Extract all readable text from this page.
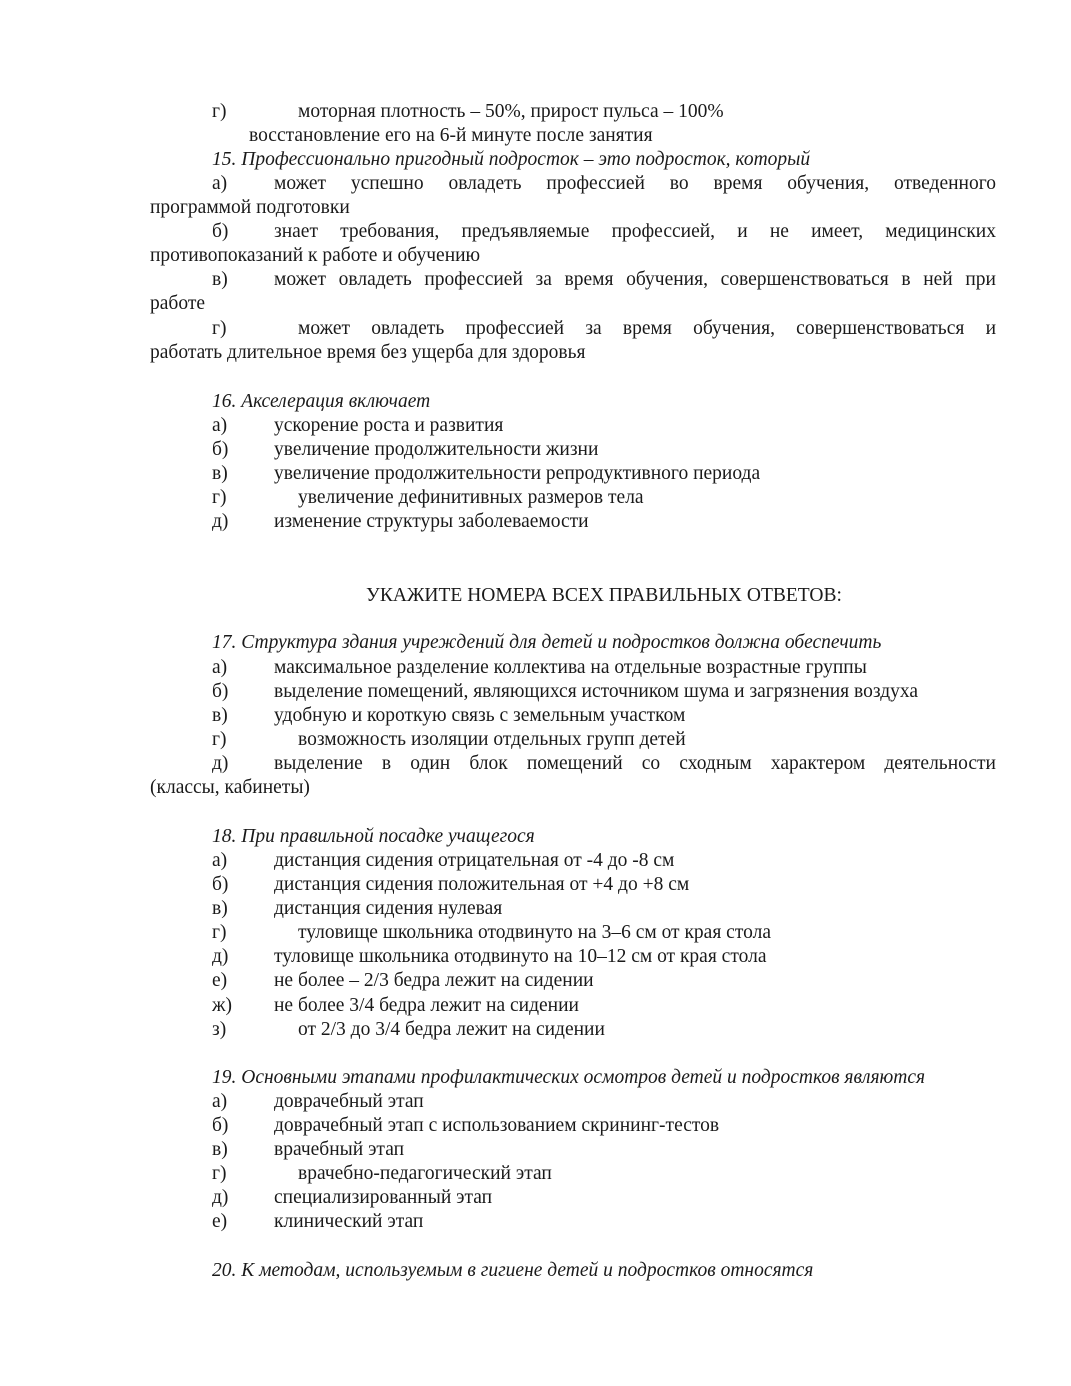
г)	моторная плотность – 50%, прирост пульса – 100%
восстановление его на 6-й минуте после занятия
15. Профессионально пригодный подросток – это подросток, который
а) может успешно овладеть профессией во время обучения, отведенного
программой подготовки
б) знает требования, предъявляемые профессией, и не имеет, медицинских
противопоказаний к работе и обучению
в) может овладеть профессией за время обучения, совершенствоваться в ней при
работе
г)	может овладеть профессией за время обучения, совершенствоваться и
работать длительное время без ущерба для здоровья
16. Акселерация включает
а) ускорение роста и развития
б) увеличение продолжительности жизни
в) увеличение продолжительности репродуктивного периода
г)	увеличение дефинитивных размеров тела
д) изменение структуры заболеваемости
УКАЖИТЕ НОМЕРА ВСЕХ ПРАВИЛЬНЫХ ОТВЕТОВ:
17. Структура здания учреждений для детей и подростков должна обеспечить
а) максимальное разделение коллектива на отдельные возрастные группы
б) выделение помещений, являющихся источником шума и загрязнения воздуха
в) удобную и короткую связь с земельным участком
г)	возможность изоляции отдельных групп детей
д) выделение в один блок помещений со сходным характером деятельности
(классы, кабинеты)
18. При правильной посадке учащегося
а) дистанция сидения отрицательная от -4 до -8 см
б) дистанция сидения положительная от +4 до +8 см
в) дистанция сидения нулевая
г)	туловище школьника отодвинуто на 3–6 см от края стола
д) туловище школьника отодвинуто на 10–12 см от края стола
е) не более – 2/3 бедра лежит на сидении
ж) не более 3/4 бедра лежит на сидении
з)	от 2/3 до 3/4 бедра лежит на сидении
19. Основными этапами профилактических осмотров детей и подростков являются
а) доврачебный этап
б) доврачебный этап с использованием скрининг-тестов
в) врачебный этап
г)	врачебно-педагогический этап
д) специализированный этап
е) клинический этап
20. К методам, используемым в гигиене детей и подростков относятся
